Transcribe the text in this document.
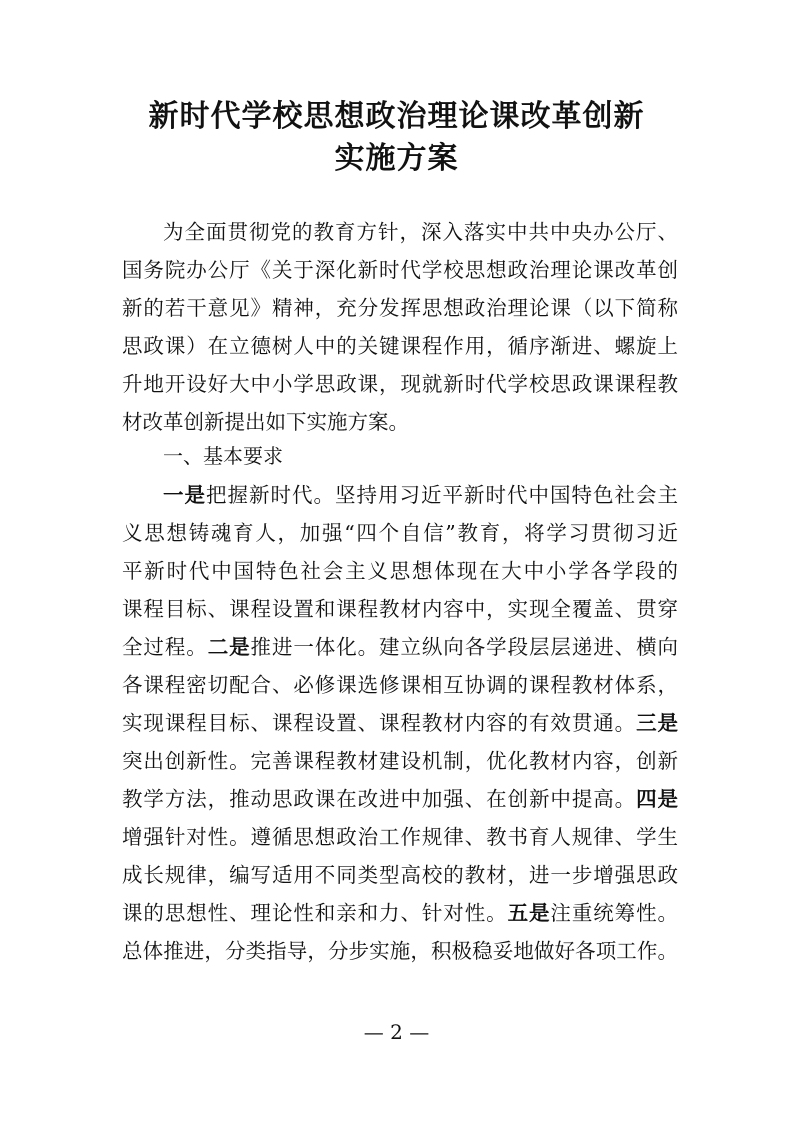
新时代学校思想政治理论课改革创新
实施方案
为全面贯彻党的教育方针，深入落实中共中央办公厅、
国务院办公厅《关于深化新时代学校思想政治理论课改革创
新的若干意见》精神，充分发挥思想政治理论课（以下简称
思政课）在立德树人中的关键课程作用，循序渐进、螺旋上
升地开设好大中小学思政课，现就新时代学校思政课课程教
材改革创新提出如下实施方案。
一、基本要求
一是把握新时代。坚持用习近平新时代中国特色社会主
义思想铸魂育人，加强“四个自信”教育，将学习贯彻习近
平新时代中国特色社会主义思想体现在大中小学各学段的
课程目标、课程设置和课程教材内容中，实现全覆盖、贯穿
全过程。二是推进一体化。建立纵向各学段层层递进、横向
各课程密切配合、必修课选修课相互协调的课程教材体系，
实现课程目标、课程设置、课程教材内容的有效贯通。三是
突出创新性。完善课程教材建设机制，优化教材内容，创新
教学方法，推动思政课在改进中加强、在创新中提高。四是
增强针对性。遵循思想政治工作规律、教书育人规律、学生
成长规律，编写适用不同类型高校的教材，进一步增强思政
课的思想性、理论性和亲和力、针对性。五是注重统筹性。
总体推进，分类指导，分步实施，积极稳妥地做好各项工作。
— 2 —
